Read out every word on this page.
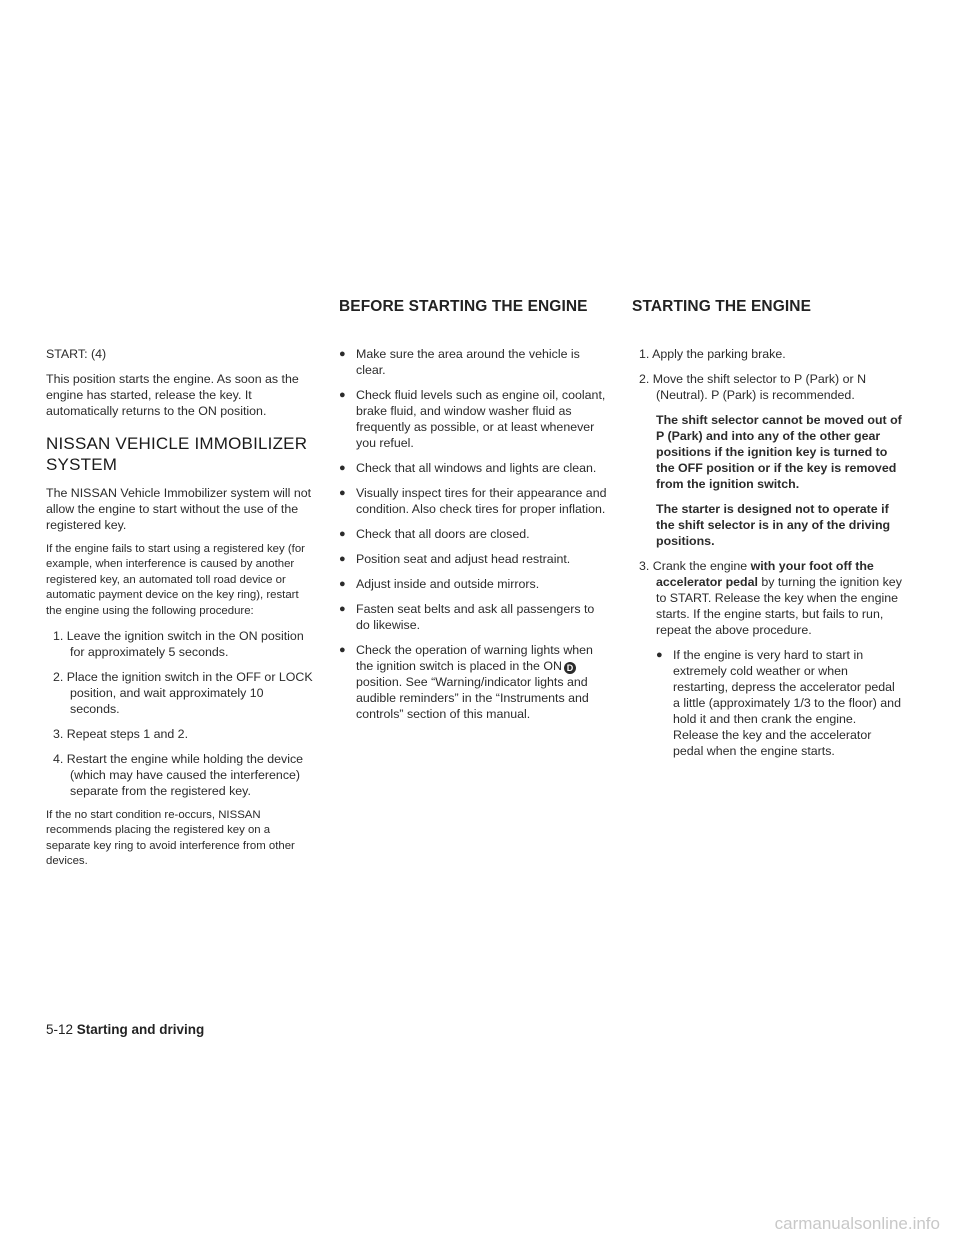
BEFORE STARTING THE ENGINE	STARTING THE ENGINE

START: (4)

This position starts the engine. As soon as the engine has started, release the key. It automatically returns to the ON position.

NISSAN VEHICLE IMMOBILIZER
SYSTEM

The NISSAN Vehicle Immobilizer system will not allow the engine to start without the use of the registered key.

If the engine fails to start using a registered key (for example, when interference is caused by another registered key, an automated toll road device or automatic payment device on the key ring), restart the engine using the following procedure:

1. Leave the ignition switch in the ON position for approximately 5 seconds.

2. Place the ignition switch in the OFF or LOCK position, and wait approximately 10 seconds.

3. Repeat steps 1 and 2.

4. Restart the engine while holding the device (which may have caused the interference) separate from the registered key.

If the no start condition re-occurs, NISSAN recommends placing the registered key on a separate key ring to avoid interference from other devices.

● Make sure the area around the vehicle is clear.
● Check fluid levels such as engine oil, coolant, brake fluid, and window washer fluid as frequently as possible, or at least whenever you refuel.
● Check that all windows and lights are clean.
● Visually inspect tires for their appearance and condition. Also check tires for proper inflation.
● Check that all doors are closed.
● Position seat and adjust head restraint.
● Adjust inside and outside mirrors.
● Fasten seat belts and ask all passengers to do likewise.
● Check the operation of warning lights when the ignition switch is placed in the ON D position. See “Warning/indicator lights and audible reminders” in the “Instruments and controls” section of this manual.

1. Apply the parking brake.

2. Move the shift selector to P (Park) or N (Neutral). P (Park) is recommended.

The shift selector cannot be moved out of P (Park) and into any of the other gear positions if the ignition key is turned to the OFF position or if the key is removed from the ignition switch.

The starter is designed not to operate if the shift selector is in any of the driving positions.

3. Crank the engine with your foot off the accelerator pedal by turning the ignition key to START. Release the key when the engine starts. If the engine starts, but fails to run, repeat the above procedure.

● If the engine is very hard to start in extremely cold weather or when restarting, depress the accelerator pedal a little (approximately 1/3 to the floor) and hold it and then crank the engine. Release the key and the accelerator pedal when the engine starts.
5-12 Starting and driving
carmanualsonline.info
